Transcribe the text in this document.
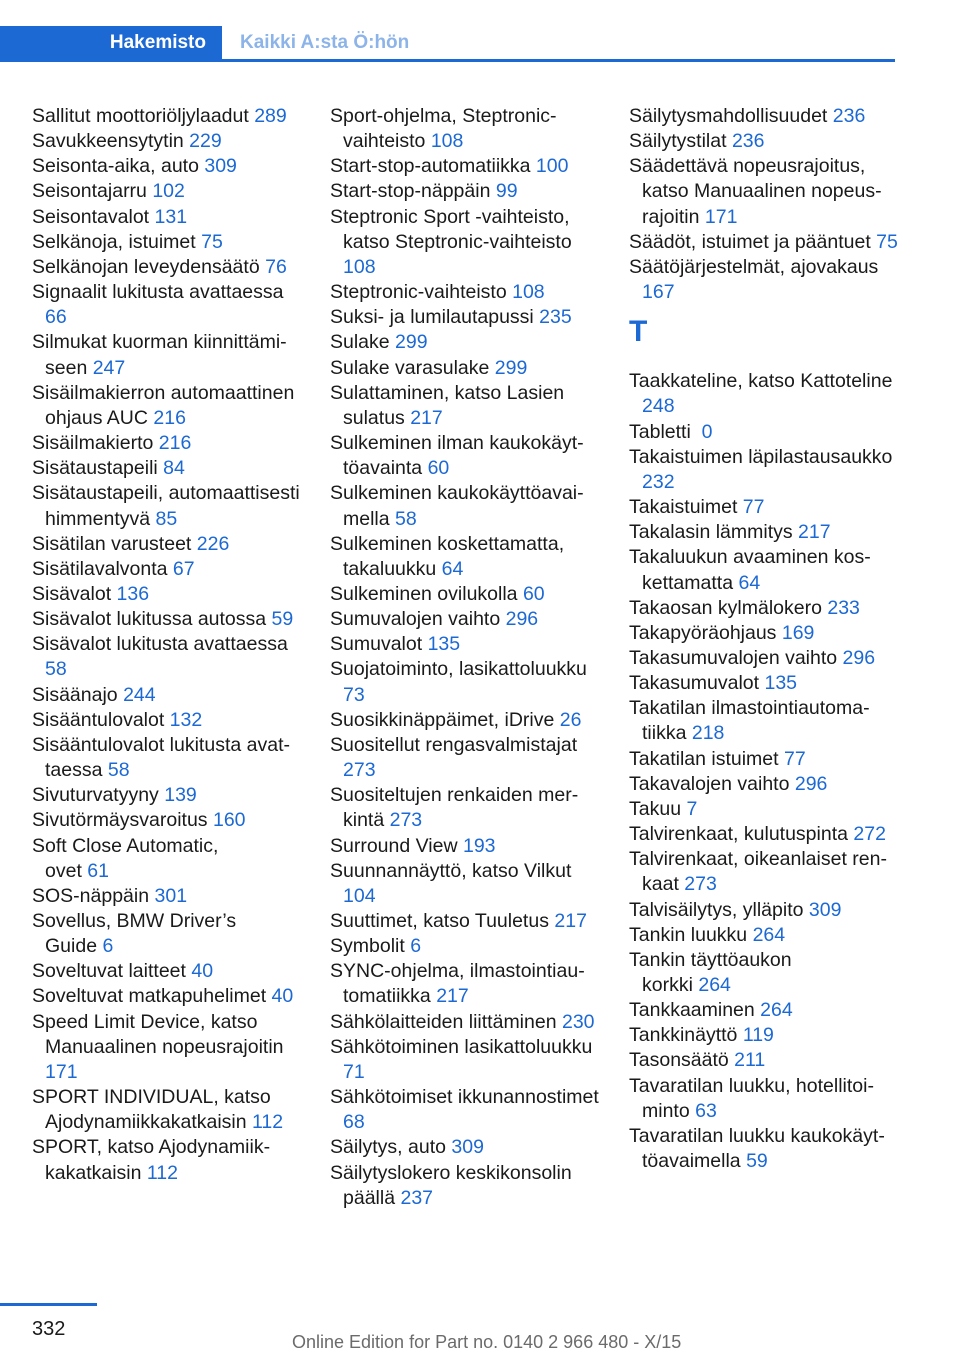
Hakemisto	Kaikki A:sta Ö:hön
Sallitut moottoriöljylaadut 289
Savukkeensytytin 229
Seisonta-aika, auto 309
Seisontajarru 102
Seisontavalot 131
Selkänoja, istuimet 75
Selkänojan leveydensäätö 76
Signaalit lukitusta avattaessa 66
Silmukat kuorman kiinnittämiseen 247
Sisäilmakierron automaattinen ohjaus AUC 216
Sisäilmakierto 216
Sisätaustapeili 84
Sisätaustapeili, automaattisesti himmentyvä 85
Sisätilan varusteet 226
Sisätilavalvonta 67
Sisävalot 136
Sisävalot lukitussa autossa 59
Sisävalot lukitusta avattaessa 58
Sisäänajo 244
Sisääntulovalot 132
Sisääntulovalot lukitusta avattaessa 58
Sivuturvatyyny 139
Sivutörmäysvaroitus 160
Soft Close Automatic,
ovet 61
SOS-näppäin 301
Sovellus, BMW Driver’s
Guide 6
Soveltuvat laitteet 40
Soveltuvat matkapuhelimet 40
Speed Limit Device, katso
Manuaalinen nopeusrajoitin 171
SPORT INDIVIDUAL, katso
Ajodynamiikkakatkaisin 112
SPORT, katso Ajodynamiikkakatkaisin 112
Sport-ohjelma, Steptronic-
vaihteisto 108
Start-stop-automatiikka 100
Start-stop-näppäin 99
Steptronic Sport -vaihteisto,
katso Steptronic-vaihteisto 108
Steptronic-vaihteisto 108
Suksi- ja lumilautapussi 235
Sulake 299
Sulake varasulake 299
Sulattaminen, katso Lasien
sulatus 217
Sulkeminen ilman kaukokäyttöavainta 60
Sulkeminen kaukokäyttöavaimella 58
Sulkeminen koskettamatta,
takaluukku 64
Sulkeminen ovilukolla 60
Sumuvalojen vaihto 296
Sumuvalot 135
Suojatoiminto, lasikattoluukku 73
Suosikkinäppäimet, iDrive 26
Suositellut rengasvalmistajat 273
Suositeltujen renkaiden merkintä 273
Surround View 193
Suunnannäyttö, katso Vilkut 104
Suuttimet, katso Tuuletus 217
Symbolit 6
SYNC-ohjelma, ilmastointiautomatiikka 217
Sähkölaitteiden liittäminen 230
Sähkötoiminen lasikattoluukku 71
Sähkötoimiset ikkunannostimet 68
Säilytys, auto 309
Säilytyslokero keskikonsolin
päällä 237
Säilytysmahdollisuudet 236
Säilytystilat 236
Säädettävä nopeusrajoitus,
katso Manuaalinen nopeusrajoitin 171
Säädöt, istuimet ja pääntuet 75
Säätöjärjestelmät, ajovakaus 167
T
Taakkateline, katso Kattoteline 248
Tabletti  0
Takaistuimen läpilastausaukko 232
Takaistuimet 77
Takalasin lämmitys 217
Takaluukun avaaminen koskettamatta 64
Takaosan kylmälokero 233
Takapyöräohjaus 169
Takasumuvalojen vaihto 296
Takasumuvalot 135
Takatilan ilmastointiautomatiikka 218
Takatilan istuimet 77
Takavalojen vaihto 296
Takuu 7
Talvirenkaat, kulutuspinta 272
Talvirenkaat, oikeanlaiset renkaat 273
Talvisäilytys, ylläpito 309
Tankin luukku 264
Tankin täyttöaukon
korkki 264
Tankkaaminen 264
Tankkinäyttö 119
Tasonsäätö 211
Tavaratilan luukku, hotellitoiminto 63
Tavaratilan luukku kaukokäyttöavaimella 59
332
Online Edition for Part no. 0140 2 966 480 - X/15
